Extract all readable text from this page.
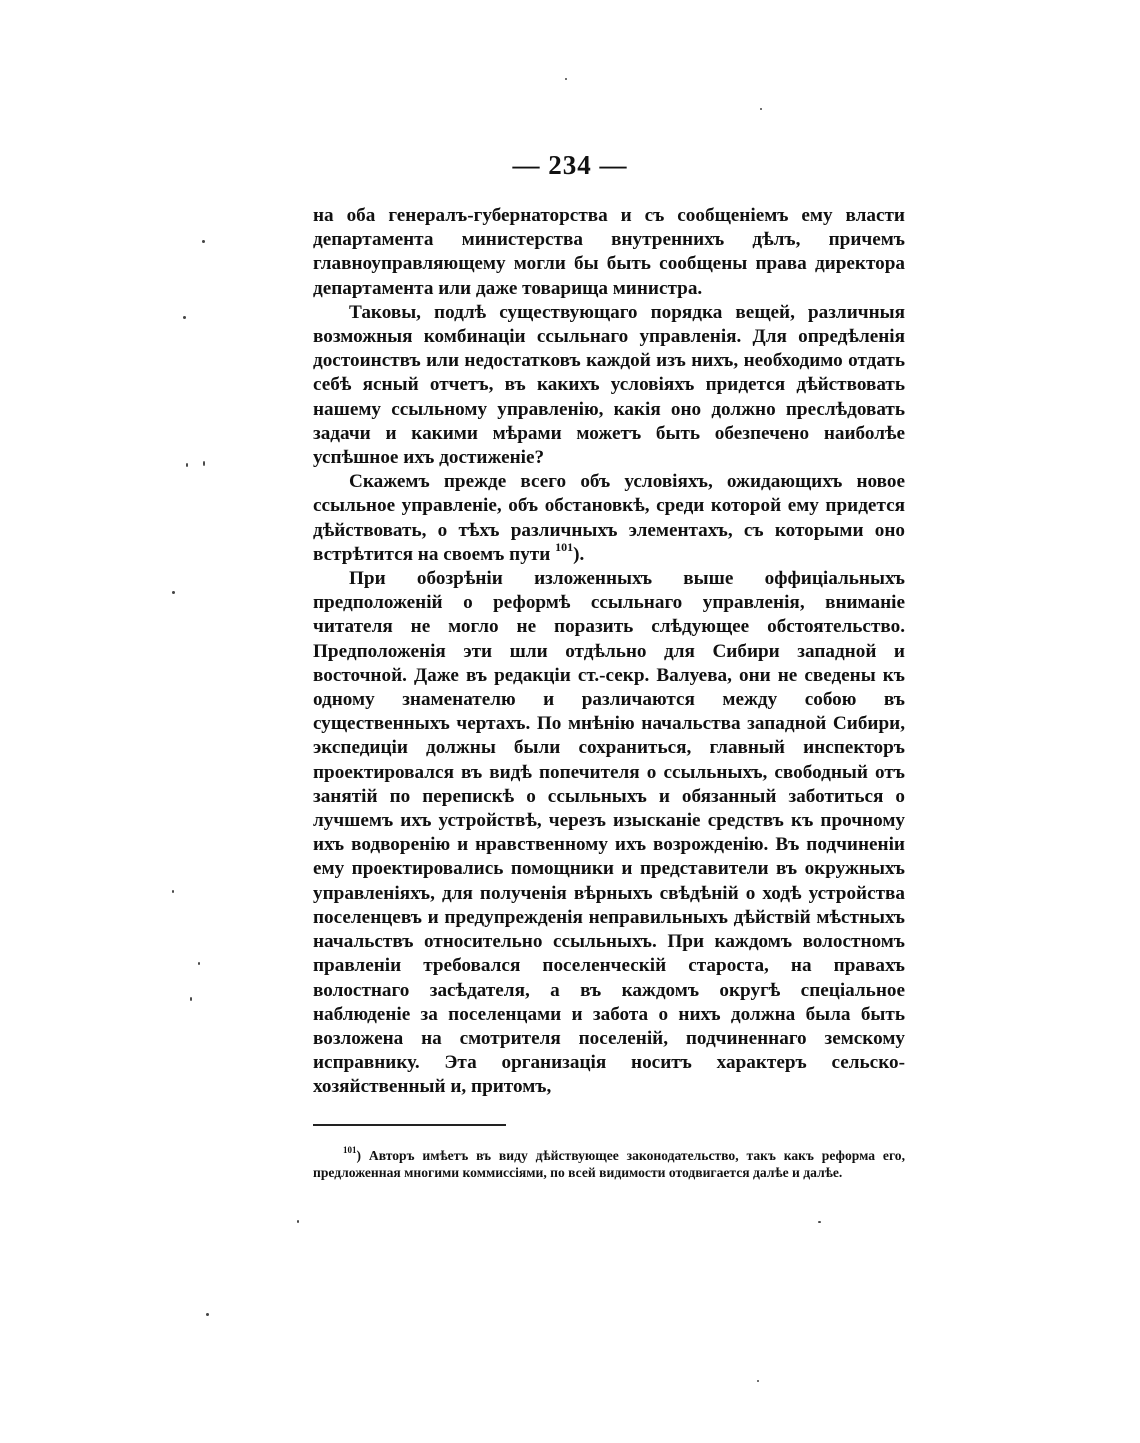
— 234 —

на оба генералъ-губернаторства и съ сообщеніемъ ему власти департамента министерства внутреннихъ дѣлъ, причемъ главноуправляющему могли бы быть сообщены права директора департамента или даже товарища министра.

Таковы, подлѣ существующаго порядка вещей, различныя возможныя комбинаціи ссыльнаго управленія. Для опредѣленія достоинствъ или недостатковъ каждой изъ нихъ, необходимо отдать себѣ ясный отчетъ, въ какихъ условіяхъ придется дѣйствовать нашему ссыльному управленію, какія оно должно преслѣдовать задачи и какими мѣрами можетъ быть обезпечено наиболѣе успѣшное ихъ достиженіе?

Скажемъ прежде всего объ условіяхъ, ожидающихъ новое ссыльное управленіе, объ обстановкѣ, среди которой ему придется дѣйствовать, о тѣхъ различныхъ элементахъ, съ которыми оно встрѣтится на своемъ пути $^{101}$).

При обозрѣніи изложенныхъ выше оффиціальныхъ предположеній о реформѣ ссыльнаго управленія, вниманіе читателя не могло не поразить слѣдующее обстоятельство. Предположенія эти шли отдѣльно для Сибири западной и восточной. Даже въ редакціи ст.-секр. Валуева, они не сведены къ одному знаменателю и различаются между собою въ существенныхъ чертахъ. По мнѣнію начальства западной Сибири, экспедиціи должны были сохраниться, главный инспекторъ проектировался въ видѣ попечителя о ссыльныхъ, свободный отъ занятій по перепискѣ о ссыльныхъ и обязанный заботиться о лучшемъ ихъ устройствѣ, черезъ изысканіе средствъ къ прочному ихъ водворенію и нравственному ихъ возрожденію. Въ подчиненіи ему проектировались помощники и представители въ окружныхъ управленіяхъ, для полученія вѣрныхъ свѣдѣній о ходѣ устройства поселенцевъ и предупрежденія неправильныхъ дѣйствій мѣстныхъ начальствъ относительно ссыльныхъ. При каждомъ волостномъ правленіи требовался поселенческій староста, на правахъ волостнаго засѣдателя, а въ каждомъ округѣ спеціальное наблюденіе за поселенцами и забота о нихъ должна была быть возложена на смотрителя поселеній, подчиненнаго земскому исправнику. Эта организація носитъ характеръ сельско-хозяйственный и, притомъ,

$^{101}$) Авторъ имѣетъ въ виду дѣйствующее законодательство, такъ какъ реформа его, предложенная многими коммиссіями, по всей видимости отодвигается далѣе и далѣе.
